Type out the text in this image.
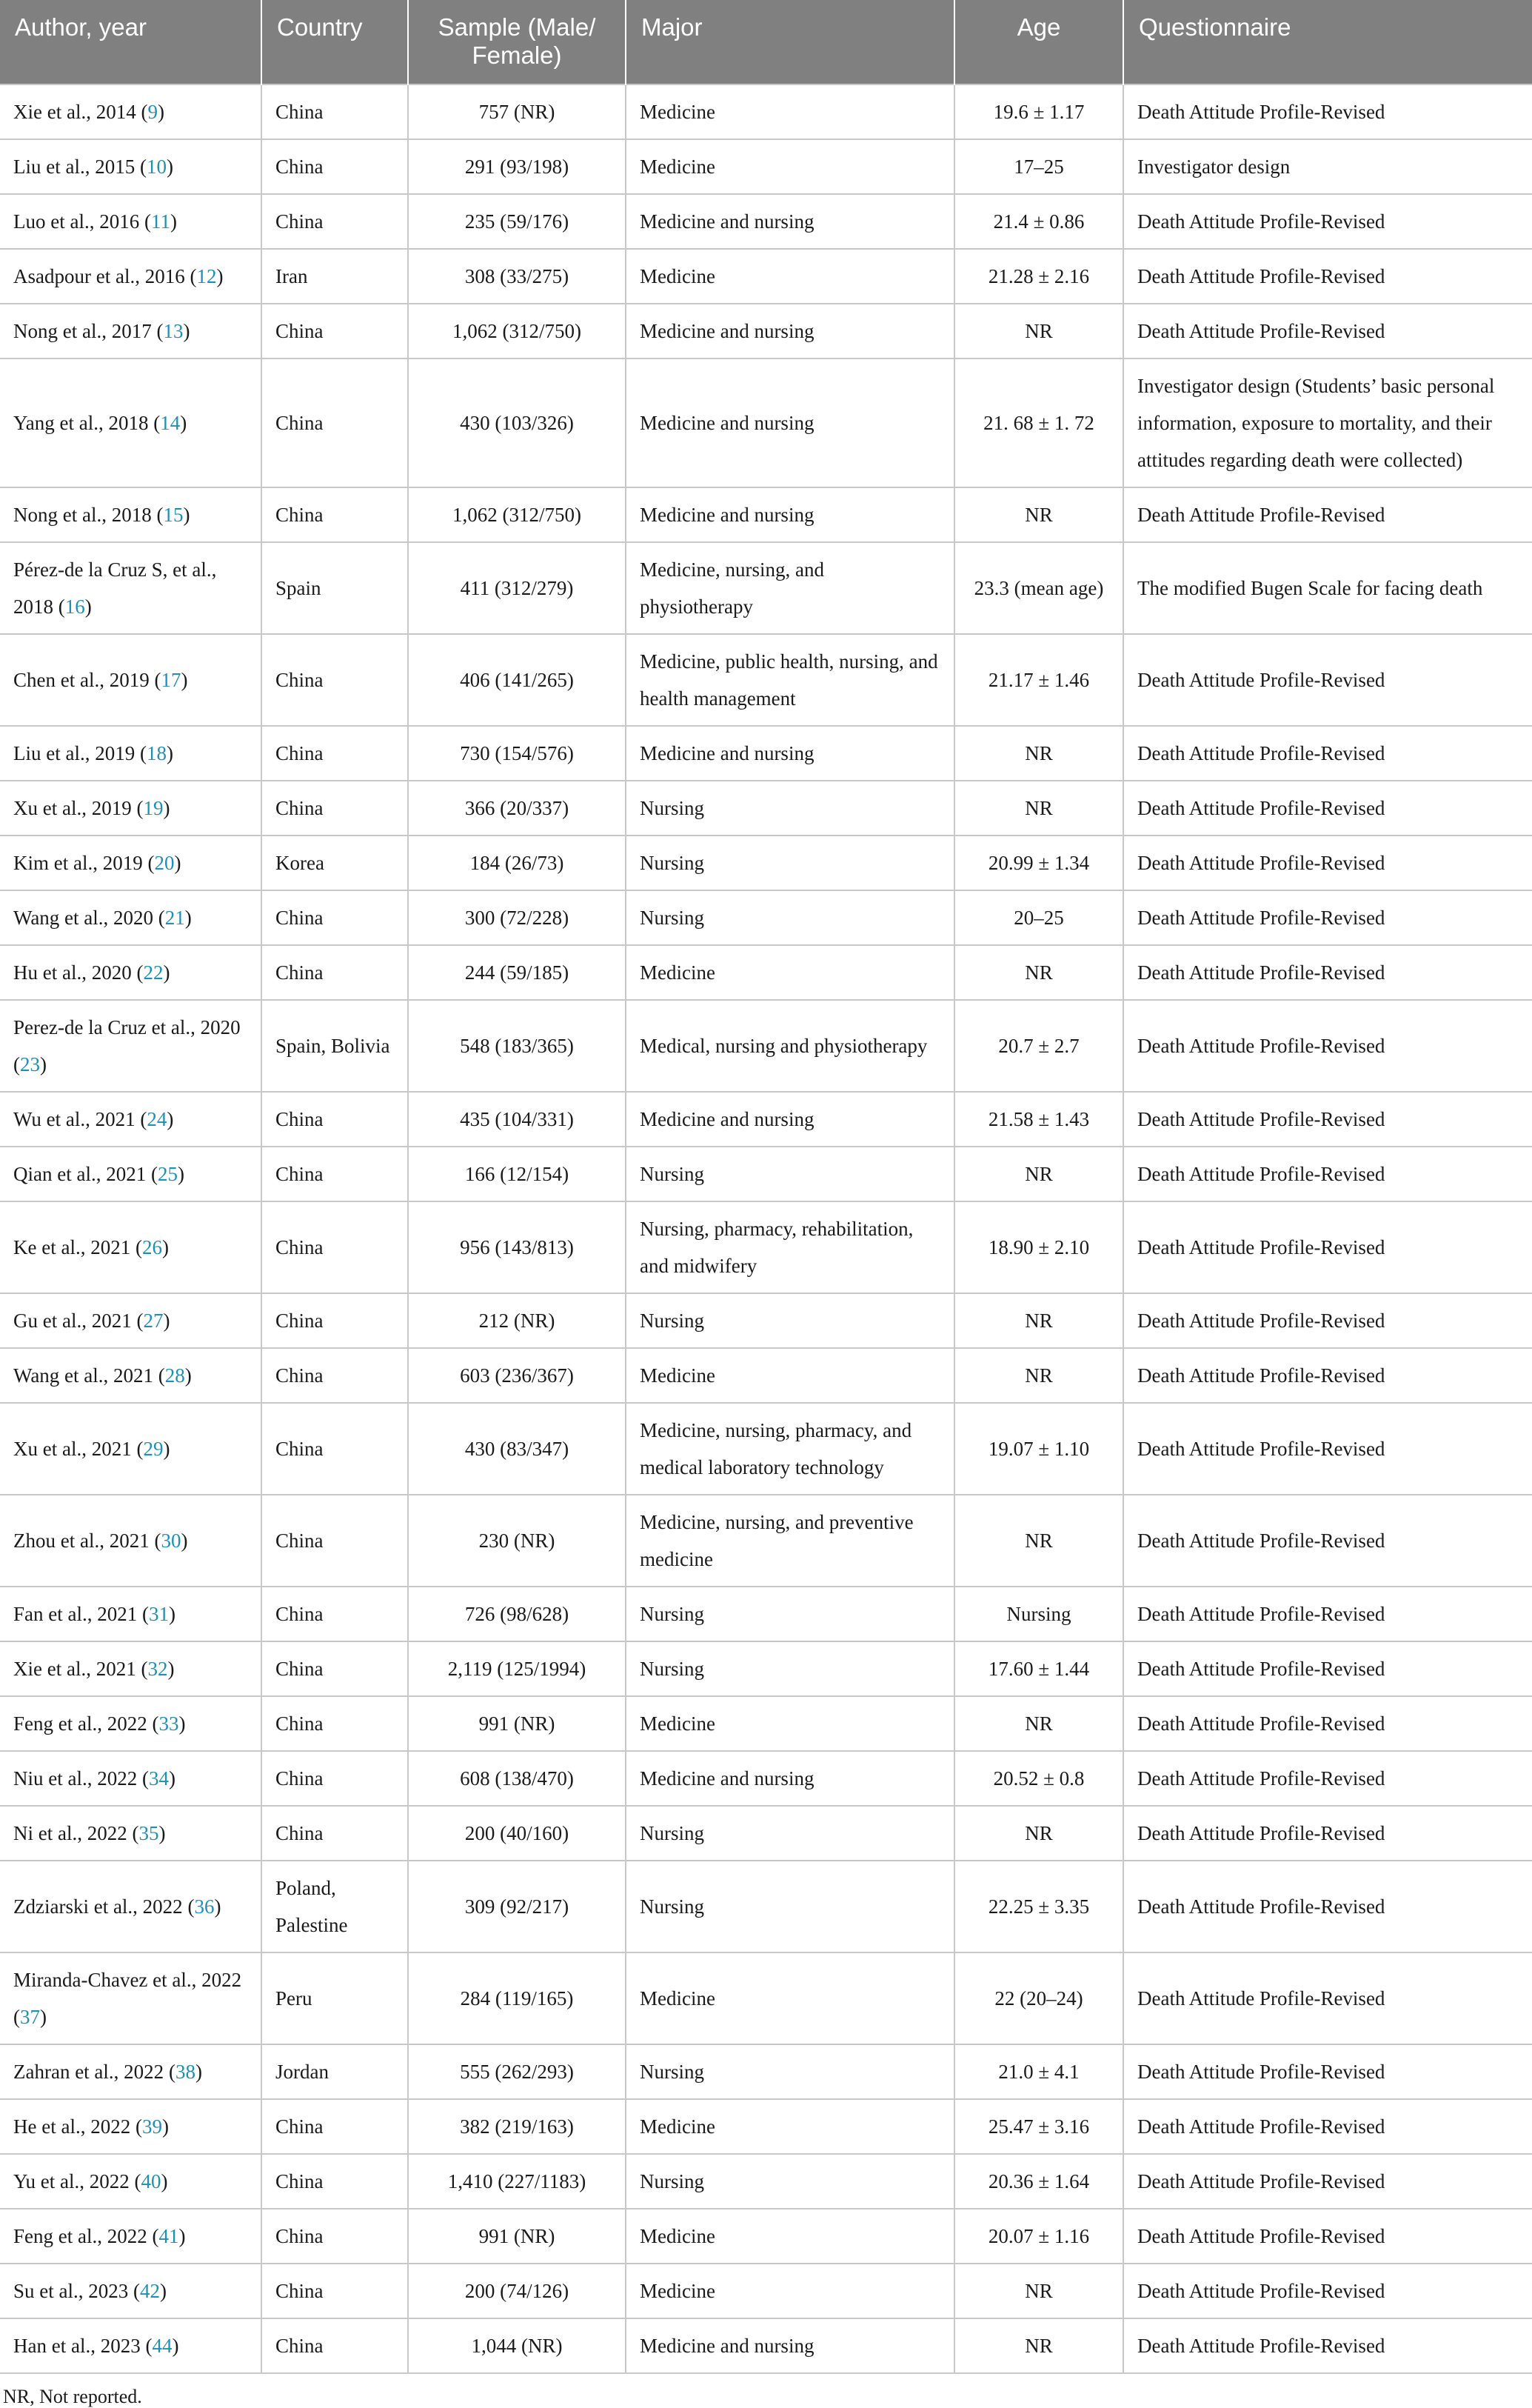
Author, year	Country	Sample (Male/
Female)	Major	Age	Questionnaire
Xie et al., 2014 (9)	China	757 (NR)	Medicine	19.6 ± 1.17	Death Attitude Profile-Revised
Liu et al., 2015 (10)	China	291 (93/198)	Medicine	17–25	Investigator design
Luo et al., 2016 (11)	China	235 (59/176)	Medicine and nursing	21.4 ± 0.86	Death Attitude Profile-Revised
Asadpour et al., 2016 (12)	Iran	308 (33/275)	Medicine	21.28 ± 2.16	Death Attitude Profile-Revised
Nong et al., 2017 (13)	China	1,062 (312/750)	Medicine and nursing	NR	Death Attitude Profile-Revised
Yang et al., 2018 (14)	China	430 (103/326)	Medicine and nursing	21. 68 ± 1. 72	Investigator design (Students’ basic personal information, exposure to mortality, and their attitudes regarding death were collected)
Nong et al., 2018 (15)	China	1,062 (312/750)	Medicine and nursing	NR	Death Attitude Profile-Revised
Pérez-de la Cruz S, et al., 2018 (16)	Spain	411 (312/279)	Medicine, nursing, and physiotherapy	23.3 (mean age)	The modified Bugen Scale for facing death
Chen et al., 2019 (17)	China	406 (141/265)	Medicine, public health, nursing, and health management	21.17 ± 1.46	Death Attitude Profile-Revised
Liu et al., 2019 (18)	China	730 (154/576)	Medicine and nursing	NR	Death Attitude Profile-Revised
Xu et al., 2019 (19)	China	366 (20/337)	Nursing	NR	Death Attitude Profile-Revised
Kim et al., 2019 (20)	Korea	184 (26/73)	Nursing	20.99 ± 1.34	Death Attitude Profile-Revised
Wang et al., 2020 (21)	China	300 (72/228)	Nursing	20–25	Death Attitude Profile-Revised
Hu et al., 2020 (22)	China	244 (59/185)	Medicine	NR	Death Attitude Profile-Revised
Perez-de la Cruz et al., 2020 (23)	Spain, Bolivia	548 (183/365)	Medical, nursing and physiotherapy	20.7 ± 2.7	Death Attitude Profile-Revised
Wu et al., 2021 (24)	China	435 (104/331)	Medicine and nursing	21.58 ± 1.43	Death Attitude Profile-Revised
Qian et al., 2021 (25)	China	166 (12/154)	Nursing	NR	Death Attitude Profile-Revised
Ke et al., 2021 (26)	China	956 (143/813)	Nursing, pharmacy, rehabilitation, and midwifery	18.90 ± 2.10	Death Attitude Profile-Revised
Gu et al., 2021 (27)	China	212 (NR)	Nursing	NR	Death Attitude Profile-Revised
Wang et al., 2021 (28)	China	603 (236/367)	Medicine	NR	Death Attitude Profile-Revised
Xu et al., 2021 (29)	China	430 (83/347)	Medicine, nursing, pharmacy, and medical laboratory technology	19.07 ± 1.10	Death Attitude Profile-Revised
Zhou et al., 2021 (30)	China	230 (NR)	Medicine, nursing, and preventive medicine	NR	Death Attitude Profile-Revised
Fan et al., 2021 (31)	China	726 (98/628)	Nursing	Nursing	Death Attitude Profile-Revised
Xie et al., 2021 (32)	China	2,119 (125/1994)	Nursing	17.60 ± 1.44	Death Attitude Profile-Revised
Feng et al., 2022 (33)	China	991 (NR)	Medicine	NR	Death Attitude Profile-Revised
Niu et al., 2022 (34)	China	608 (138/470)	Medicine and nursing	20.52 ± 0.8	Death Attitude Profile-Revised
Ni et al., 2022 (35)	China	200 (40/160)	Nursing	NR	Death Attitude Profile-Revised
Zdziarski et al., 2022 (36)	Poland, Palestine	309 (92/217)	Nursing	22.25 ± 3.35	Death Attitude Profile-Revised
Miranda-Chavez et al., 2022 (37)	Peru	284 (119/165)	Medicine	22 (20–24)	Death Attitude Profile-Revised
Zahran et al., 2022 (38)	Jordan	555 (262/293)	Nursing	21.0 ± 4.1	Death Attitude Profile-Revised
He et al., 2022 (39)	China	382 (219/163)	Medicine	25.47 ± 3.16	Death Attitude Profile-Revised
Yu et al., 2022 (40)	China	1,410 (227/1183)	Nursing	20.36 ± 1.64	Death Attitude Profile-Revised
Feng et al., 2022 (41)	China	991 (NR)	Medicine	20.07 ± 1.16	Death Attitude Profile-Revised
Su et al., 2023 (42)	China	200 (74/126)	Medicine	NR	Death Attitude Profile-Revised
Han et al., 2023 (44)	China	1,044 (NR)	Medicine and nursing	NR	Death Attitude Profile-Revised
NR, Not reported.
